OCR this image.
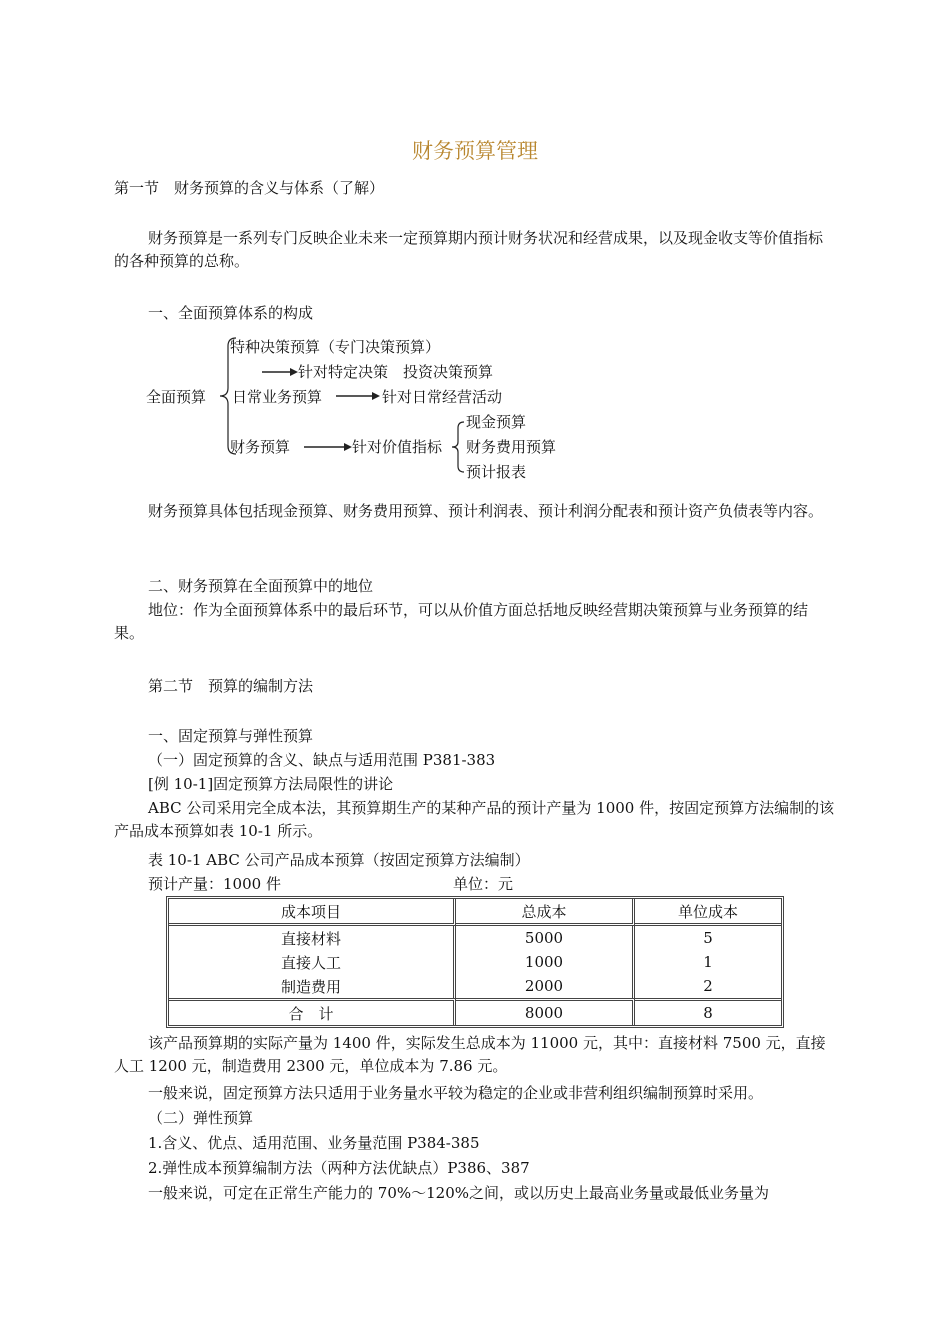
财务预算管理
第一节　财务预算的含义与体系（了解）
财务预算是一系列专门反映企业未来一定预算期内预计财务状况和经营成果，以及现金收支等价值指标的各种预算的总称。
一、全面预算体系的构成
全面预算
特种决策预算（专门决策预算）
针对特定决策　投资决策预算
日常业务预算	针对日常经营活动
财务预算	针对价值指标
现金预算
财务费用预算
预计报表
财务预算具体包括现金预算、财务费用预算、预计利润表、预计利润分配表和预计资产负债表等内容。
二、财务预算在全面预算中的地位
地位：作为全面预算体系中的最后环节，可以从价值方面总括地反映经营期决策预算与业务预算的结果。
第二节　预算的编制方法
一、固定预算与弹性预算
（一）固定预算的含义、缺点与适用范围 P381-383
[例 10-1]固定预算方法局限性的讲论
ABC 公司采用完全成本法，其预算期生产的某种产品的预计产量为 1000 件，按固定预算方法编制的该产品成本预算如表 10-1 所示。
表 10-1 ABC 公司产品成本预算（按固定预算方法编制）
预计产量：1000 件	单位：元
成本项目	总成本	单位成本
直接材料	5000	5
直接人工	1000	1
制造费用	2000	2
合　计	8000	8
该产品预算期的实际产量为 1400 件，实际发生总成本为 11000 元，其中：直接材料 7500 元，直接人工 1200 元，制造费用 2300 元，单位成本为 7.86 元。
一般来说，固定预算方法只适用于业务量水平较为稳定的企业或非营利组织编制预算时采用。
（二）弹性预算
1.含义、优点、适用范围、业务量范围 P384-385
2.弹性成本预算编制方法（两种方法优缺点）P386、387
一般来说，可定在正常生产能力的 70%～120%之间，或以历史上最高业务量或最低业务量为
